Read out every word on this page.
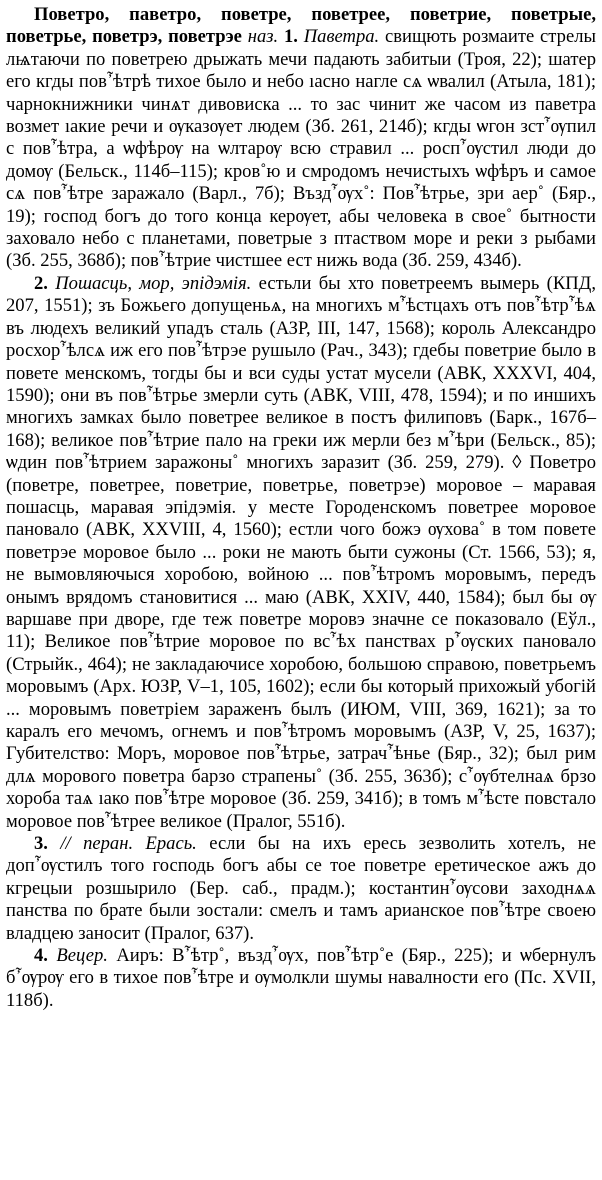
Повeтро, паветро, поветре, поветрее, поветрие, поветрые, поветрье, поветрэ, поветрэе наз. 1. Паветра. свищють розмаите стрелы лѩтаючи по поветрею дрыжать мечи падають забитыи (Троя, 22); шатер его кгды пов῏ѣтрѣ тихое было и небо ıасно нагле сѧ ѡвалил (Атыла, 181); чарнокнижники чинѧт дивовиска ... то зас чинит же часом из паветра возмет ıакие речи и ѹказѹет людем (Зб. 261, 214б); кгды ѡгон зст῏ѹпил с пов῏ѣтра, а ѡфѣрѹ на ѡлтарѹ всю стравил ... росп῏ѹстил люди до домѹ (Бельск., 114б–115); кров˚ю и смродомъ нечистыхъ ѡфѣръ и самое сѧ пов῏ѣтре заражало (Варл., 7б); Възд῏ѹх˚: Пов῏ѣтрье, зри аер˚ (Бяр., 19); господ богъ до того конца керѹет, абы человека в свое˚ бытности заховало небо с планетами, поветрые з птаством море и реки з рыбами (Зб. 255, 368б); пов῏ѣтрие чистшее ест нижь вода (Зб. 259, 434б).

2. Пошасць, мор, эпідэмія. естьли бы хто поветреемъ вымерь (КПД, 207, 1551); зъ Божьего допущеньѧ, на многихъ м῏ѣстцахъ отъ пов῏ѣтр῏ѣѧ въ людехъ великий упадъ сталь (АЗР, III, 147, 1568); король Александро росхор῏ѣлсѧ иж его пов῏ѣтрэе рушыло (Рач., 343); гдебы поветрие было в повете менскомъ, тогды бы и вси суды устат мусели (АВК, XXXVI, 404, 1590); они въ пов῏ѣтрье змерли суть (АВК, VIII, 478, 1594); и по иншихъ многихъ замках было поветрее великое в постъ филиповъ (Барк., 167б–168); великое пов῏ѣтрие пало на греки иж мерли без м῏ѣри (Бельск., 85); ѡдин пов῏ѣтрием заражоны˚ многихъ заразит (Зб. 259, 279). ◊ Поветро (поветре, поветрее, поветрие, поветрье, поветрэе) моровое – маравая пошасць, маравая эпідэмія. у месте Городенскомъ поветрее моровое пановало (АВК, XXVIII, 4, 1560); естли чого божэ ѹхова˚ в том повете поветрэе моровое было ... роки не мають быти сужоны (Ст. 1566, 53); я, не вымовляючыся хоробою, войною ... пов῏ѣтромъ моровымъ, передъ онымъ врядомъ становитися ... маю (АВК, XXIV, 440, 1584); был бы ѹ варшаве при дворе, где теж поветре моровэ значне се показовало (Еўл., 11); Великое пов῏ѣтрие моровое по вс῏ѣх панствах р῏ѹских пановало (Стрыйк., 464); не закладаючисе хоробою, большою справою, поветрьемъ моровымъ (Арх. ЮЗР, V–1, 105, 1602); если бы который прихожый убогій ... моровымъ поветріем зараженъ былъ (ИЮМ, VIII, 369, 1621); за то каралъ его мечомъ, огнемъ и пов῏ѣтромъ моровымъ (АЗР, V, 25, 1637); Губителство: Моръ, моровое пов῏ѣтрье, затрач῏ѣнье (Бяр., 32); был рим длѧ морового поветра барзо страпены˚ (Зб. 255, 363б); с῏ѹбтелнаѧ брзо хороба таѧ ıако пов῏ѣтре моровое (Зб. 259, 341б); в томъ м῏ѣсте повстало моровое пов῏ѣтрее великое (Пралог, 551б).

3. // перан. Ерась. если бы на ихъ ересь зезволить хотелъ, не доп῏ѹстилъ того господь богъ абы се тое поветре еретическое ажъ до кгрецыи розшырило (Бер. саб., прадм.); костантин῏ѹсови заходнѧѧ панства по брате были зостали: смелъ и тамъ арианское пов῏ѣтре своею владцею заносит (Пралог, 637).

4. Вецер. Аиръ: В῏ѣтр˚, възд῏ѹх, пов῏ѣтр˚е (Бяр., 225); и ѡбернулъ б῏ѹрѹ его в тихое пов῏ѣтре и ѹмолкли шумы навалности его (Пс. XVII, 118б).
